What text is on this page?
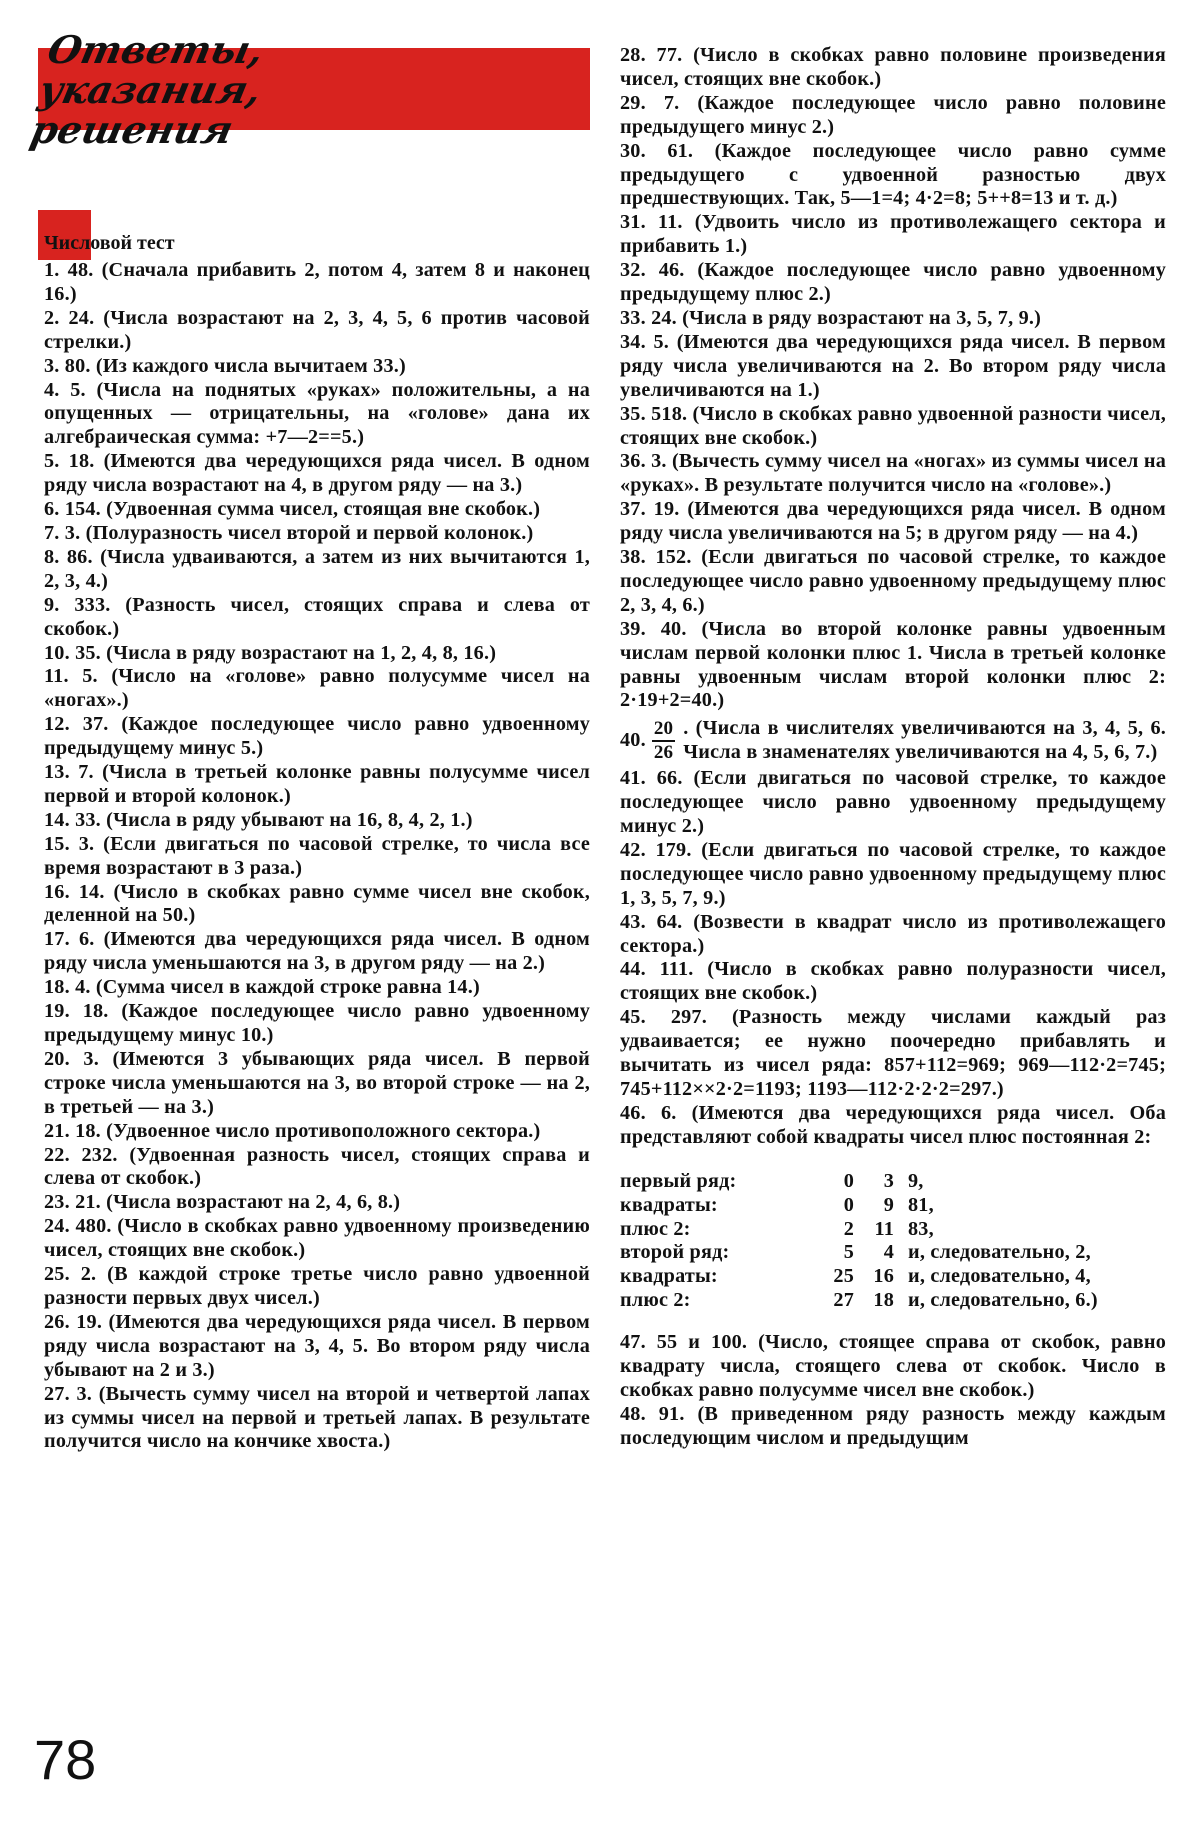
Ответы,
указания,
решения
Числовой тест
1. 48. (Сначала прибавить 2, потом 4, затем 8 и наконец 16.)
2. 24. (Числа возрастают на 2, 3, 4, 5, 6 против часовой стрелки.)
3. 80. (Из каждого числа вычитаем 33.)
4. 5. (Числа на поднятых «руках» положительны, а на опущенных — отрицательны, на «голове» дана их алгебраическая сумма: +7—2==5.)
5. 18. (Имеются два чередующихся ряда чисел. В одном ряду числа возрастают на 4, в другом ряду — на 3.)
6. 154. (Удвоенная сумма чисел, стоящая вне скобок.)
7. 3. (Полуразность чисел второй и первой колонок.)
8. 86. (Числа удваиваются, а затем из них вычитаются 1, 2, 3, 4.)
9. 333. (Разность чисел, стоящих справа и слева от скобок.)
10. 35. (Числа в ряду возрастают на 1, 2, 4, 8, 16.)
11. 5. (Число на «голове» равно полусумме чисел на «ногах».)
12. 37. (Каждое последующее число равно удвоенному предыдущему минус 5.)
13. 7. (Числа в третьей колонке равны полусумме чисел первой и второй колонок.)
14. 33. (Числа в ряду убывают на 16, 8, 4, 2, 1.)
15. 3. (Если двигаться по часовой стрелке, то числа все время возрастают в 3 раза.)
16. 14. (Число в скобках равно сумме чисел вне скобок, деленной на 50.)
17. 6. (Имеются два чередующихся ряда чисел. В одном ряду числа уменьшаются на 3, в другом ряду — на 2.)
18. 4. (Сумма чисел в каждой строке равна 14.)
19. 18. (Каждое последующее число равно удвоенному предыдущему минус 10.)
20. 3. (Имеются 3 убывающих ряда чисел. В первой строке числа уменьшаются на 3, во второй строке — на 2, в третьей — на 3.)
21. 18. (Удвоенное число противоположного сектора.)
22. 232. (Удвоенная разность чисел, стоящих справа и слева от скобок.)
23. 21. (Числа возрастают на 2, 4, 6, 8.)
24. 480. (Число в скобках равно удвоенному произведению чисел, стоящих вне скобок.)
25. 2. (В каждой строке третье число равно удвоенной разности первых двух чисел.)
26. 19. (Имеются два чередующихся ряда чисел. В первом ряду числа возрастают на 3, 4, 5. Во втором ряду числа убывают на 2 и 3.)
27. 3. (Вычесть сумму чисел на второй и четвертой лапах из суммы чисел на первой и третьей лапах. В результате получится число на кончике хвоста.)
28. 77. (Число в скобках равно половине произведения чисел, стоящих вне скобок.)
29. 7. (Каждое последующее число равно половине предыдущего минус 2.)
30. 61. (Каждое последующее число равно сумме предыдущего с удвоенной разностью двух предшествующих. Так, 5—1=4; 4·2=8; 5++8=13 и т. д.)
31. 11. (Удвоить число из противолежащего сектора и прибавить 1.)
32. 46. (Каждое последующее число равно удвоенному предыдущему плюс 2.)
33. 24. (Числа в ряду возрастают на 3, 5, 7, 9.)
34. 5. (Имеются два чередующихся ряда чисел. В первом ряду числа увеличиваются на 2. Во втором ряду числа увеличиваются на 1.)
35. 518. (Число в скобках равно удвоенной разности чисел, стоящих вне скобок.)
36. 3. (Вычесть сумму чисел на «ногах» из суммы чисел на «руках». В результате получится число на «голове».)
37. 19. (Имеются два чередующихся ряда чисел. В одном ряду числа увеличиваются на 5; в другом ряду — на 4.)
38. 152. (Если двигаться по часовой стрелке, то каждое последующее число равно удвоенному предыдущему плюс 2, 3, 4, 6.)
39. 40. (Числа во второй колонке равны удвоенным числам первой колонки плюс 1. Числа в третьей колонке равны удвоенным числам второй колонки плюс 2: 2·19+2=40.)
40. $\frac{20}{26}$ . (Числа в числителях увеличиваются на 3, 4, 5, 6. Числа в знаменателях увеличиваются на 4, 5, 6, 7.)
41. 66. (Если двигаться по часовой стрелке, то каждое последующее число равно удвоенному предыдущему минус 2.)
42. 179. (Если двигаться по часовой стрелке, то каждое последующее число равно удвоенному предыдущему плюс 1, 3, 5, 7, 9.)
43. 64. (Возвести в квадрат число из противолежащего сектора.)
44. 111. (Число в скобках равно полуразности чисел, стоящих вне скобок.)
45. 297. (Разность между числами каждый раз удваивается; ее нужно поочередно прибавлять и вычитать из чисел ряда: 857+112=969; 969—112·2=745; 745+112××2·2=1193; 1193—112·2·2·2=297.)
46. 6. (Имеются два чередующихся ряда чисел. Оба представляют собой квадраты чисел плюс постоянная 2:
первый ряд:	0	3	9,
квадраты:	0	9	81,
плюс 2:	2	11	83,
второй ряд:	5	4	и, следовательно, 2,
квадраты:	25	16	и, следовательно, 4,
плюс 2:	27	18	и, следовательно, 6.)
47. 55 и 100. (Число, стоящее справа от скобок, равно квадрату числа, стоящего слева от скобок. Число в скобках равно полусумме чисел вне скобок.)
48. 91. (В приведенном ряду разность между каждым последующим числом и предыдущим
78
